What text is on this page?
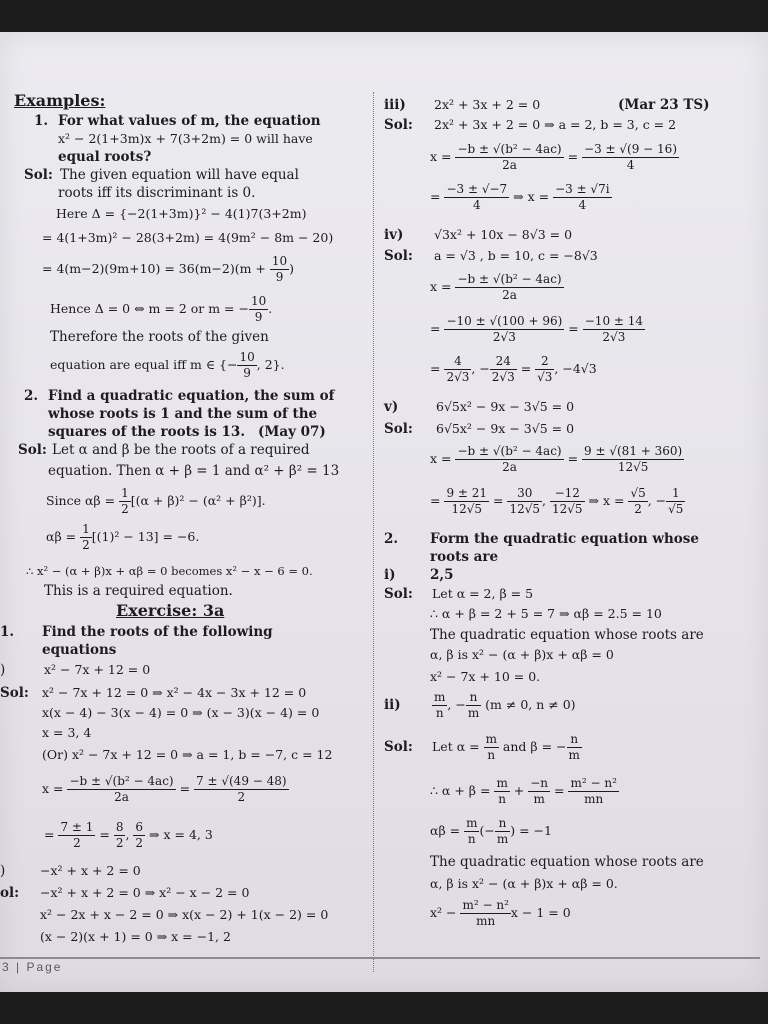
Examples:
1. For what values of m, the equation
x² − 2(1+3m)x + 7(3+2m) = 0 will have
equal roots?
Sol: The given equation will have equal
roots iff its discriminant is 0.
Here Δ = {−2(1+3m)}² − 4(1)7(3+2m)
= 4(1+3m)² − 28(3+2m) = 4(9m² − 8m − 20)
= $4(m-2)(9m+10) = 36(m-2)(m + \frac{10}{9}$ )
Hence Δ = 0 ⇔ m = 2 or m = − $\frac{10}{9}$ .
Therefore the roots of the given
equation are equal iff m ∈ {− $\frac{10}{9}$ , 2}.
2. Find a quadratic equation, the sum of
whose roots is 1 and the sum of the
squares of the roots is 13. (May 07)
Sol: Let α and β be the roots of a required
equation. Then α + β = 1 and α² + β² = 13
Since $\alpha\beta = \frac{1}{2} [(\alpha + \beta)^2 - (\alpha^2 + \beta^2)]$.
$\alpha\beta = \frac{1}{2} [(1)^2 - 13] = -6$.
∴ x² − (α + β)x + αβ = 0 becomes x² − x − 6 = 0.
This is a required equation.
Exercise: 3a
1. Find the roots of the following
equations
)	x² − 7x + 12 = 0
Sol: x² − 7x + 12 = 0 ⇒ x² − 4x − 3x + 12 = 0
x(x − 4) − 3(x − 4) = 0 ⇒ (x − 3)(x − 4) = 0
x = 3, 4
(Or) x² − 7x + 12 = 0 ⇒ a = 1, b = −7, c = 12
$x = \frac{\text{−b ± √(b² − 4ac)}}{2a} = \frac{7 \pm √(49 - 48)}{2}$
= $\frac{7 \pm 1}{2} = \frac{8}{2}$ , $\frac{6}{2}$ ⇒ x = 4, 3
)	−x² + x + 2 = 0
ol: −x² + x + 2 = 0 ⇒ x² − x − 2 = 0
x² − 2x + x − 2 = 0 ⇒ x(x − 2) + 1(x − 2) = 0
(x − 2)(x + 1) = 0 ⇒ x = −1, 2
iii) 2x² + 3x + 2 = 0	(Mar 23 TS)
Sol: 2x² + 3x + 2 = 0 ⇒ a = 2, b = 3, c = 2
$x = \frac{\text{−b ± √(b² − 4ac)}}{2a} = \frac{-3 \pm √(9 - 16)}{4}$
= $\frac{-3 \pm √-7}{4}$ ⇒ $x = \frac{-3 \pm √7i}{4}$
iv) √3x² + 10x − 8√3 = 0
Sol: a = √3 , b = 10, c = −8√3
$x = \frac{\text{−b ± √(b² − 4ac)}}{2a}$
= $\frac{-10 \pm √(100 + 96)}{2√3} = \frac{-10 \pm 14}{2√3}$
= $\frac{4}{2√3}$ , − $\frac{24}{2√3} = \frac{2}{√3}$ , −4√3
v)	6√5x² − 9x − 3√5 = 0
Sol: 6√5x² − 9x − 3√5 = 0
$x = \frac{\text{−b ± √(b² − 4ac)}}{2a} = \frac{9 \pm √(81 + 360)}{12√5}$
= $\frac{9 \pm 21}{12√5} = \frac{30}{12√5}$ , $\frac{-12}{12√5}$ ⇒ $x = \frac{√5}{2}$ , − $\frac{1}{√5}$
2. Form the quadratic equation whose
roots are
i)	2,5
Sol: Let α = 2, β = 5
∴ α + β = 2 + 5 = 7 ⇒ αβ = 2.5 = 10
The quadratic equation whose roots are
α, β is x² − (α + β)x + αβ = 0
x² − 7x + 10 = 0.
ii)	$\frac{m}{n}$ , − $\frac{n}{m} (m \ne 0$, n ≠ 0)
Sol: Let $\alpha = \frac{m}{n}$ and β = − $\frac{n}{m}$
∴ $\alpha + \beta = \frac{m}{n} + \frac{-n}{m} = \frac{\text{m² − n²}}{mn}$
$\alpha\beta = \frac{m}{n}$ (− $\frac{n}{m}$ ) = −1
The quadratic equation whose roots are
α, β is x² − (α + β)x + αβ = 0.
$x^2 - \frac{\text{m² − n²}}{mn}$ x − 1 = 0
3 | Page
